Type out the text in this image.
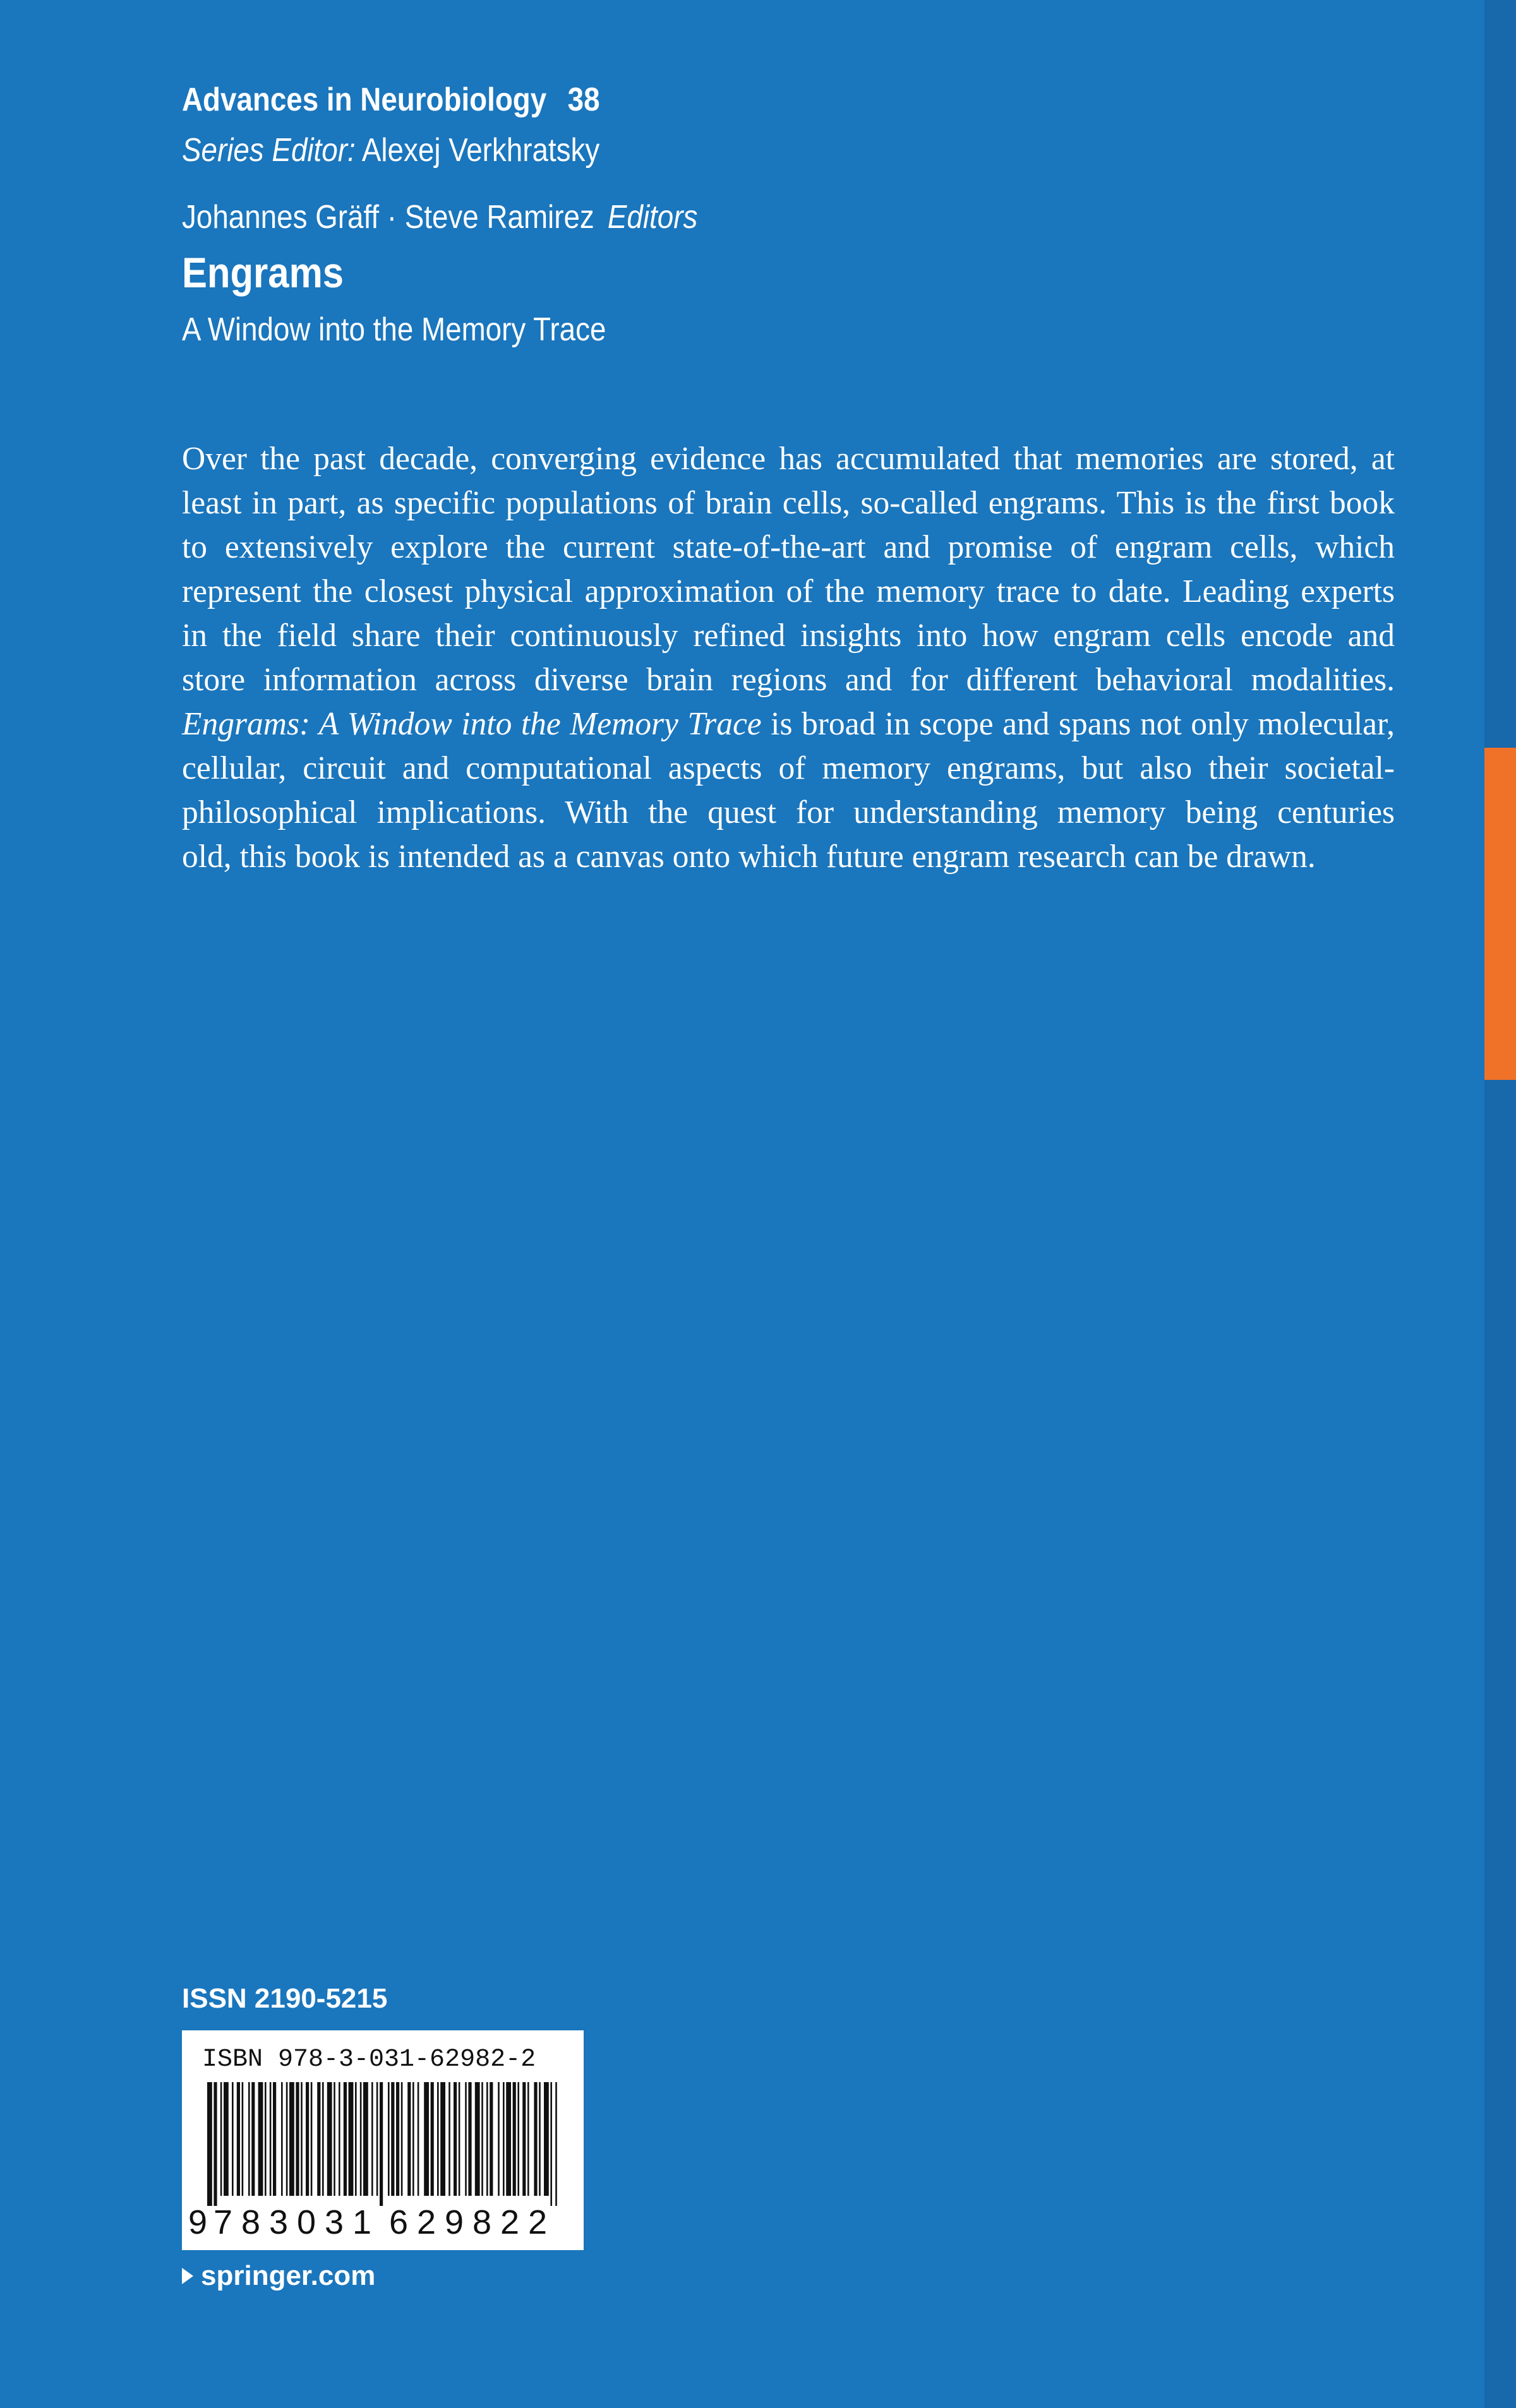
Advances in Neurobiology 38
Series Editor: Alexej Verkhratsky
Johannes Gräff · Steve Ramirez Editors
Engrams
A Window into the Memory Trace
Over the past decade, converging evidence has accumulated that memories are stored, at
least in part, as specific populations of brain cells, so-called engrams. This is the first book
to extensively explore the current state-of-the-art and promise of engram cells, which
represent the closest physical approximation of the memory trace to date. Leading experts
in the field share their continuously refined insights into how engram cells encode and
store information across diverse brain regions and for different behavioral modalities.
Engrams: A Window into the Memory Trace is broad in scope and spans not only molecular,
cellular, circuit and computational aspects of memory engrams, but also their societal-
philosophical implications. With the quest for understanding memory being centuries
old, this book is intended as a canvas onto which future engram research can be drawn.
ISSN 2190-5215
ISBN 978-3-031-62982-2
9 7 8 3 0 3 1 6 2 9 8 2 2
springer.com
